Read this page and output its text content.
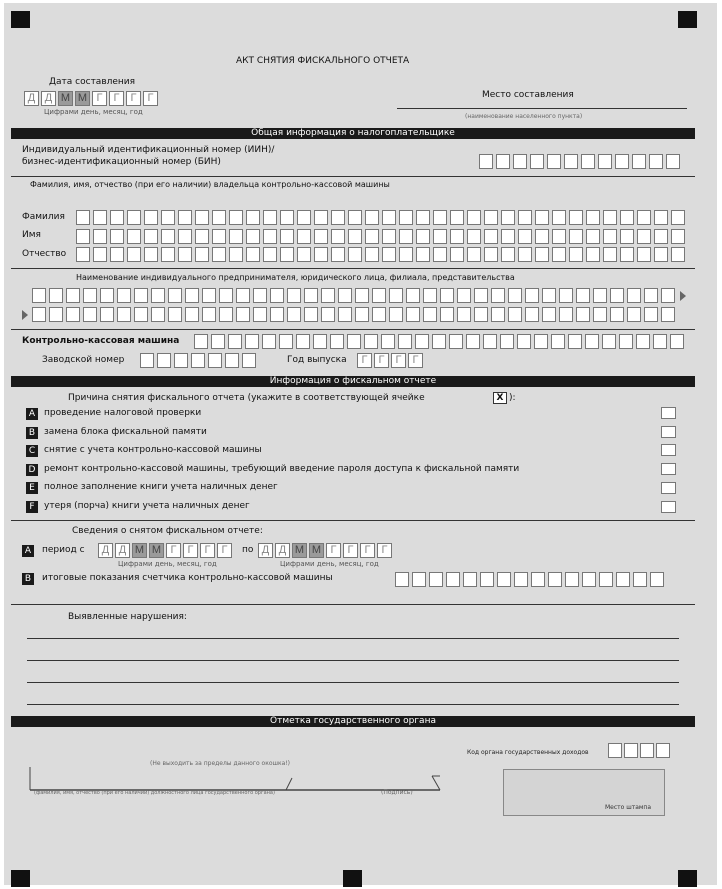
АКТ СНЯТИЯ ФИСКАЛЬНОГО ОТЧЕТА
Дата составления
Д Д М М Г	Г	Г	Г
Цифрами день, месяц, год
Место составления
(наименование населенного пункта)
Общая информация о налогоплательщике
Индивидуальный идентификационный номер (ИИН)/
бизнес-идентификационный номер (БИН)
Фамилия, имя, отчество (при его наличии) владельца контрольно-кассовой машины
Фамилия
Имя
Отчество
Наименование индивидуального предпринимателя, юридического лица, филиала, представительства
Контрольно-кассовая машина
Заводской номер	Год выпуска	Г	Г	Г	Г
Информация о фискальном отчете
Причина снятия фискального отчета (укажите в соответствующей ячейке	X ):
A проведение налоговой проверки
B замена блока фискальной памяти
C снятие с учета контрольно-кассовой машины
D ремонт контрольно-кассовой машины, требующий введение пароля доступа к фискальной памяти
E	полное заполнение книги учета наличных денег
F	утеря (порча) книги учета наличных денег
Сведения о снятом фискальном отчете:
A	период с	Д Д М М Г	Г	Г	Г
Цифрами день, месяц, год
по Д Д М М Г	Г	Г	Г
Цифрами день, месяц, год
B	итоговые показания счетчика контрольно-кассовой машины
Выявленные нарушения:
Отметка государственного органа
Код органа государственных доходов
(Не выходить за пределы данного окошка!)
(фамилия, имя, отчество (при его наличии) должностного лица государственного органа)	(Подпись)
Место штампа
